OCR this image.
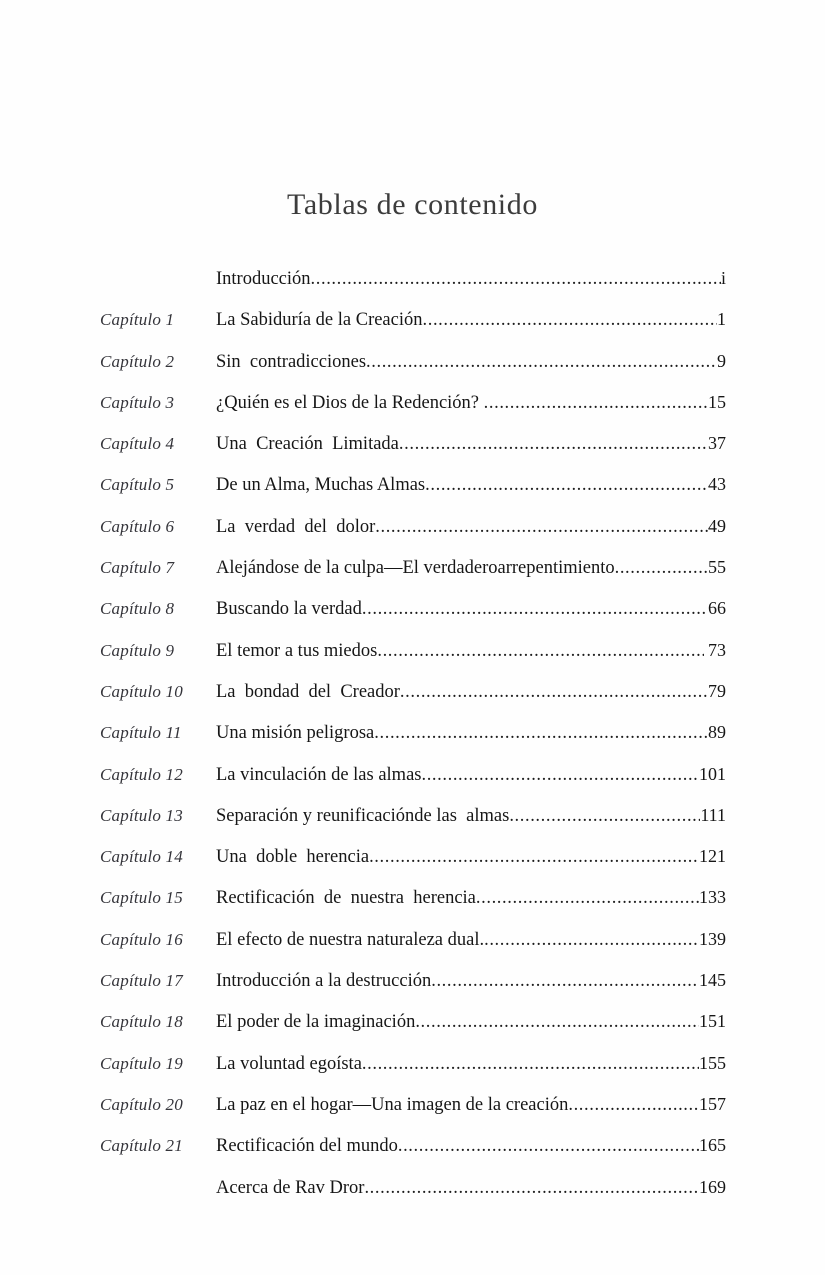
Tablas de contenido
Introducción .....	i
Capítulo 1	La Sabiduría de la Creación .....	1
Capítulo 2	Sin  contradicciones .....	9
Capítulo 3	¿Quién es el Dios de la Redención? .....	15
Capítulo 4	Una  Creación  Limitada .....	37
Capítulo 5	De un Alma, Muchas Almas .....	43
Capítulo 6	La  verdad  del  dolor .....	49
Capítulo 7	Alejándose de la culpa—El verdaderoarrepentimiento .....	55
Capítulo 8	Buscando la verdad .....	66
Capítulo 9	El temor a tus miedos .....	73
Capítulo 10	La  bondad  del  Creador .....	79
Capítulo 11	Una misión peligrosa .....	89
Capítulo 12	La vinculación de las almas .....	101
Capítulo 13	Separación y reunificaciónde las  almas .....	111
Capítulo 14	Una  doble  herencia .....	121
Capítulo 15	Rectificación  de  nuestra  herencia .....	133
Capítulo 16	El efecto de nuestra naturaleza dual. .....	139
Capítulo 17	Introducción a la destrucción .....	145
Capítulo 18	El poder de la imaginación .....	151
Capítulo 19	La voluntad egoísta .....	155
Capítulo 20	La paz en el hogar—Una imagen de la creación .....	157
Capítulo 21	Rectificación del mundo .....	165
Acerca de Rav Dror .....	169
